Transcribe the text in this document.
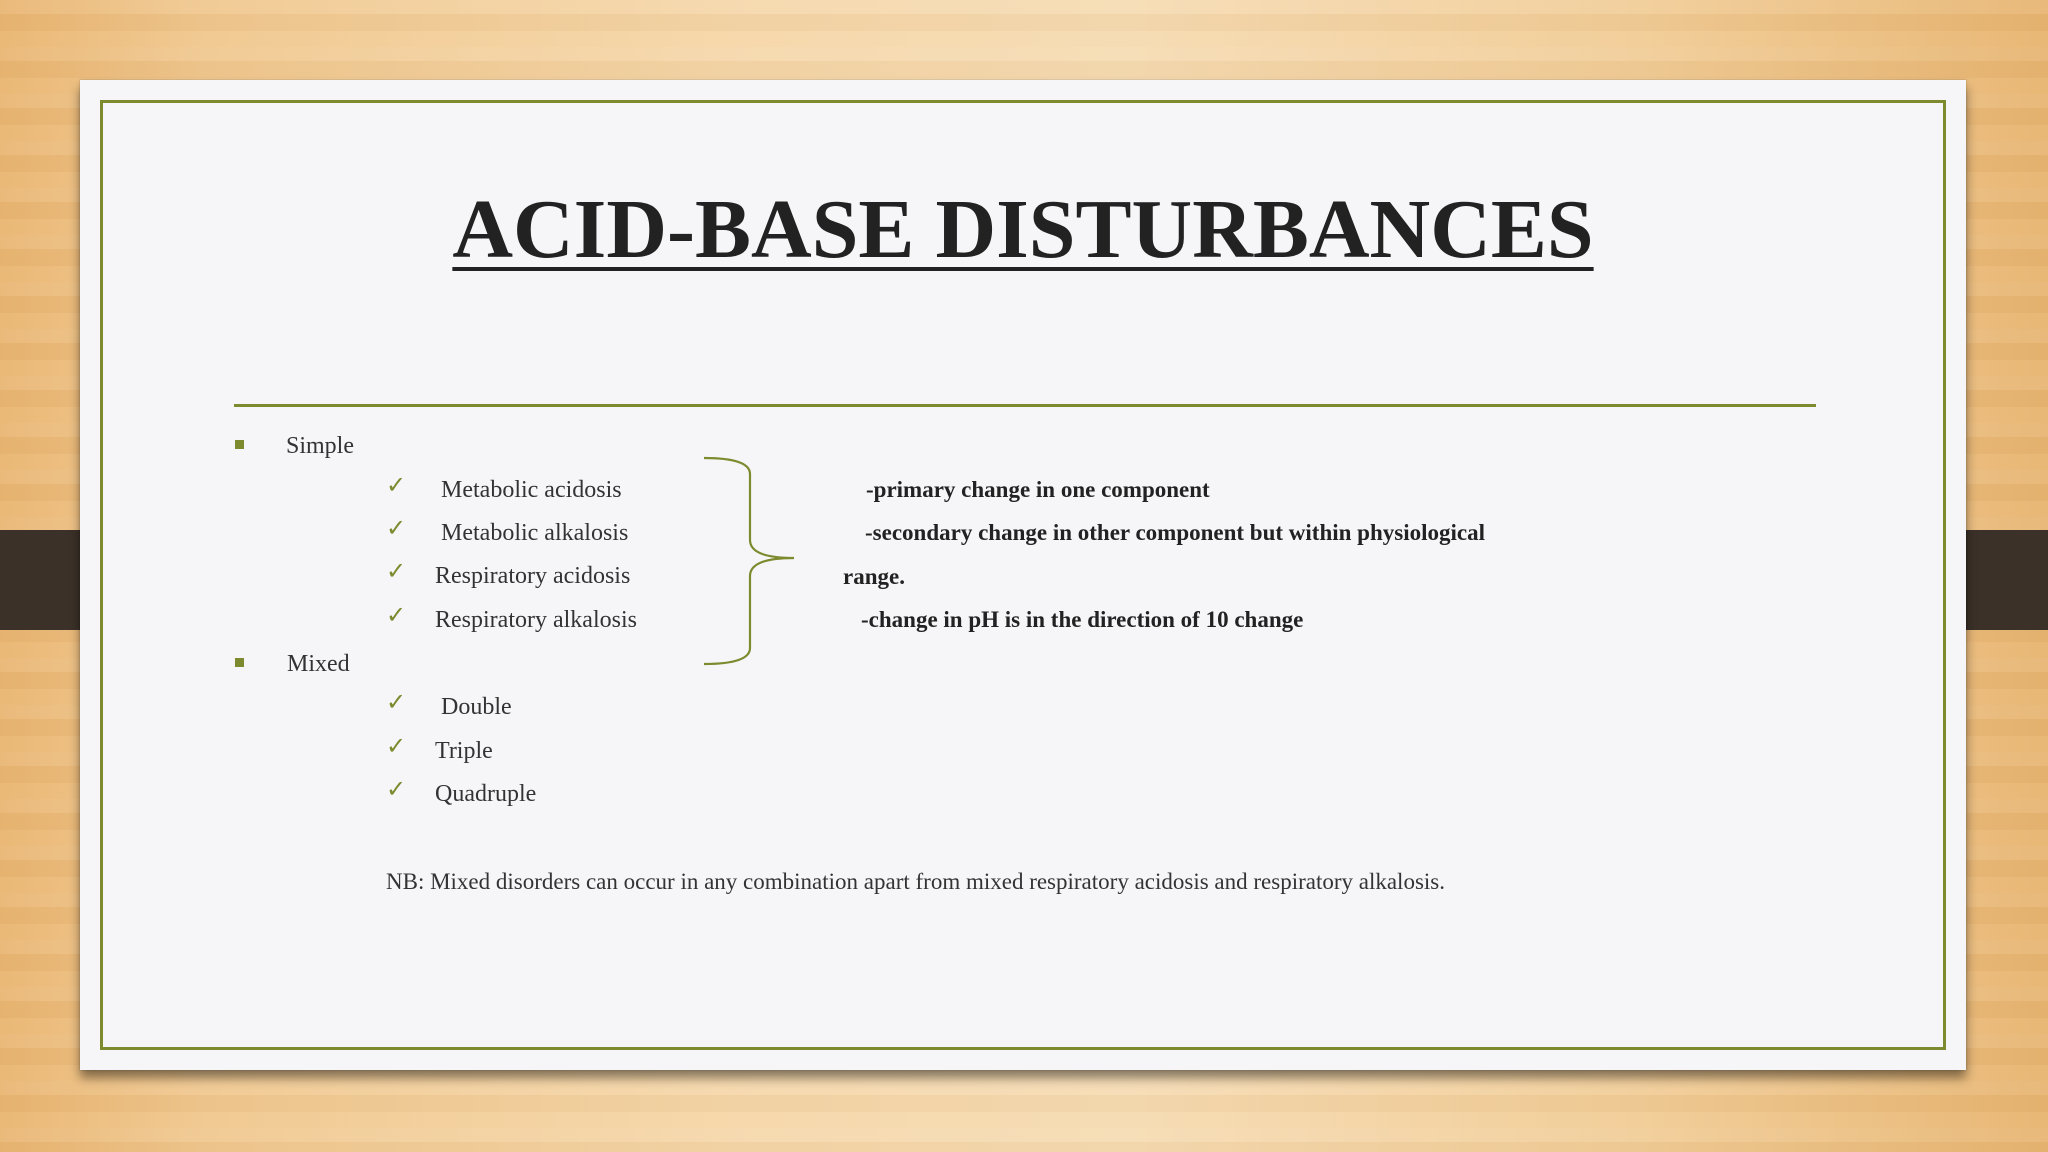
ACID-BASE DISTURBANCES
Simple
✓ Metabolic acidosis
✓ Metabolic alkalosis
✓ Respiratory acidosis
✓ Respiratory alkalosis
-primary change in one component
-secondary change in other component but within physiological
range.
-change in pH is in the direction of 10 change
Mixed
✓ Double
✓ Triple
✓ Quadruple
NB: Mixed disorders can occur in any combination apart from mixed respiratory acidosis and respiratory alkalosis.
